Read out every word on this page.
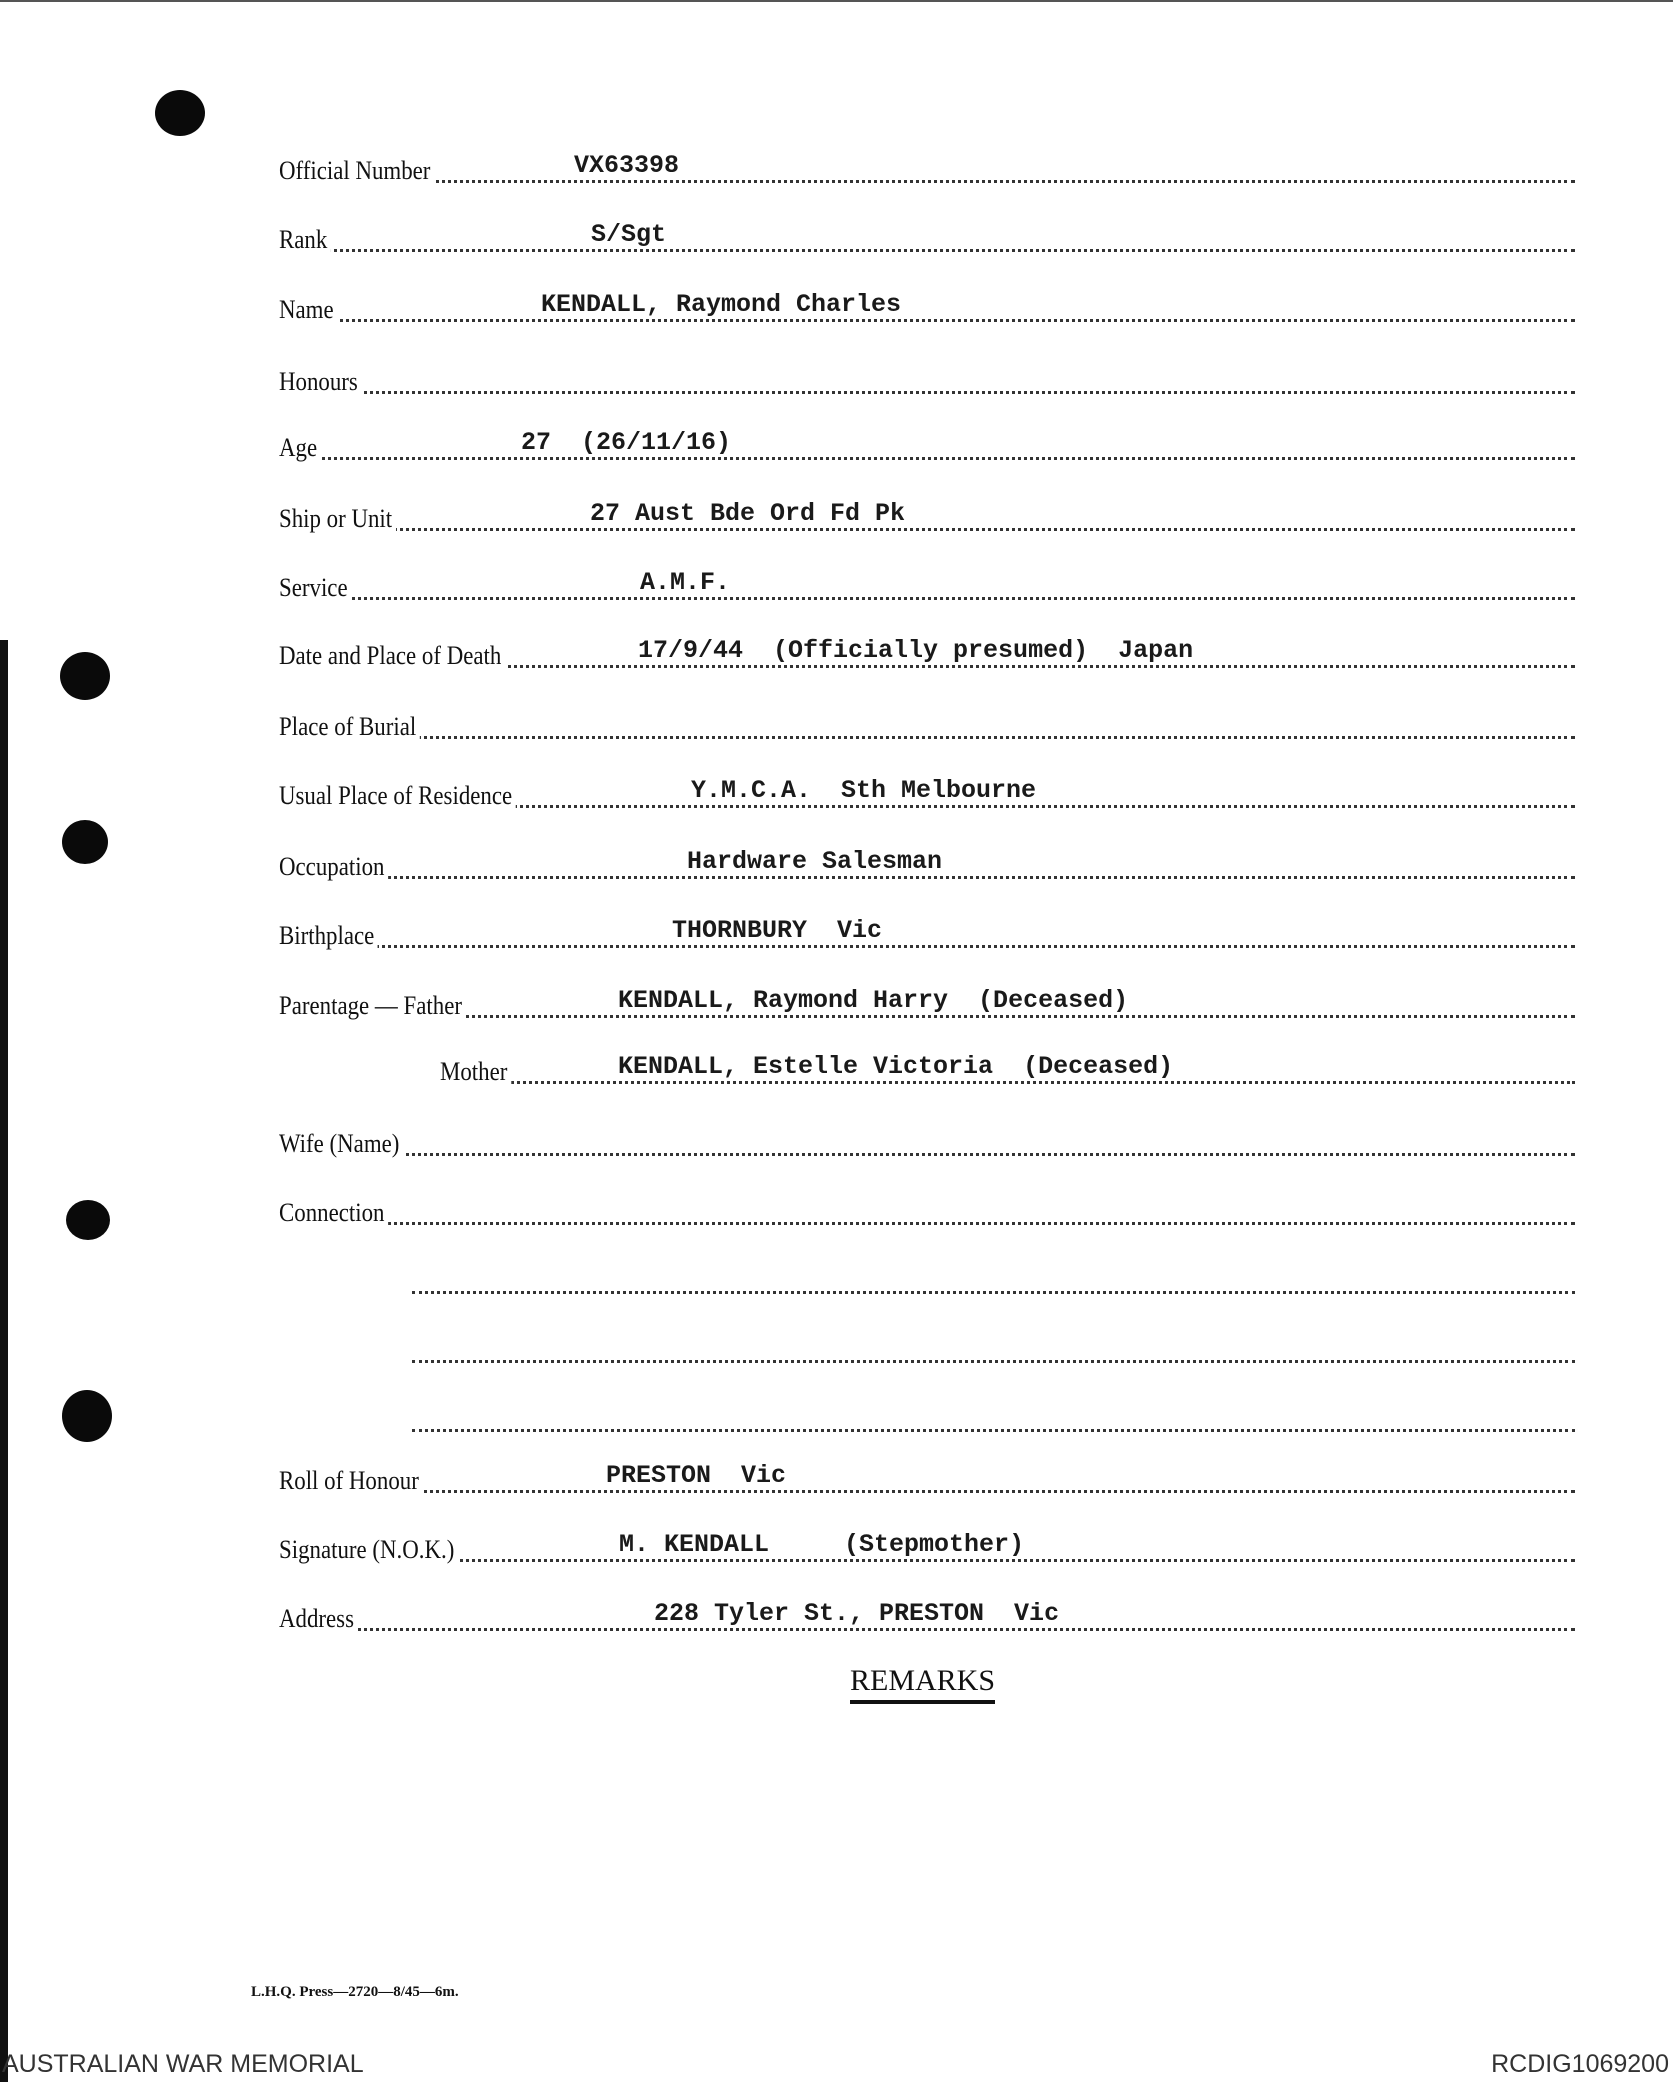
Official Number	VX63398
Rank	S/Sgt
Name	KENDALL, Raymond Charles
Honours
Age	27  (26/11/16)
Ship or Unit	27 Aust Bde Ord Fd Pk
Service	A.M.F.
Date and Place of Death	17/9/44  (Officially presumed)  Japan
Place of Burial
Usual Place of Residence	Y.M.C.A.  Sth Melbourne
Occupation	Hardware Salesman
Birthplace	THORNBURY  Vic
Parentage — Father	KENDALL, Raymond Harry  (Deceased)
Mother	KENDALL, Estelle Victoria  (Deceased)
Wife (Name)
Connection
Roll of Honour	PRESTON  Vic
Signature (N.O.K.)	M. KENDALL     (Stepmother)
Address	228 Tyler St., PRESTON  Vic
REMARKS
L.H.Q. Press—2720—8/45—6m.
AUSTRALIAN WAR MEMORIAL	RCDIG1069200
